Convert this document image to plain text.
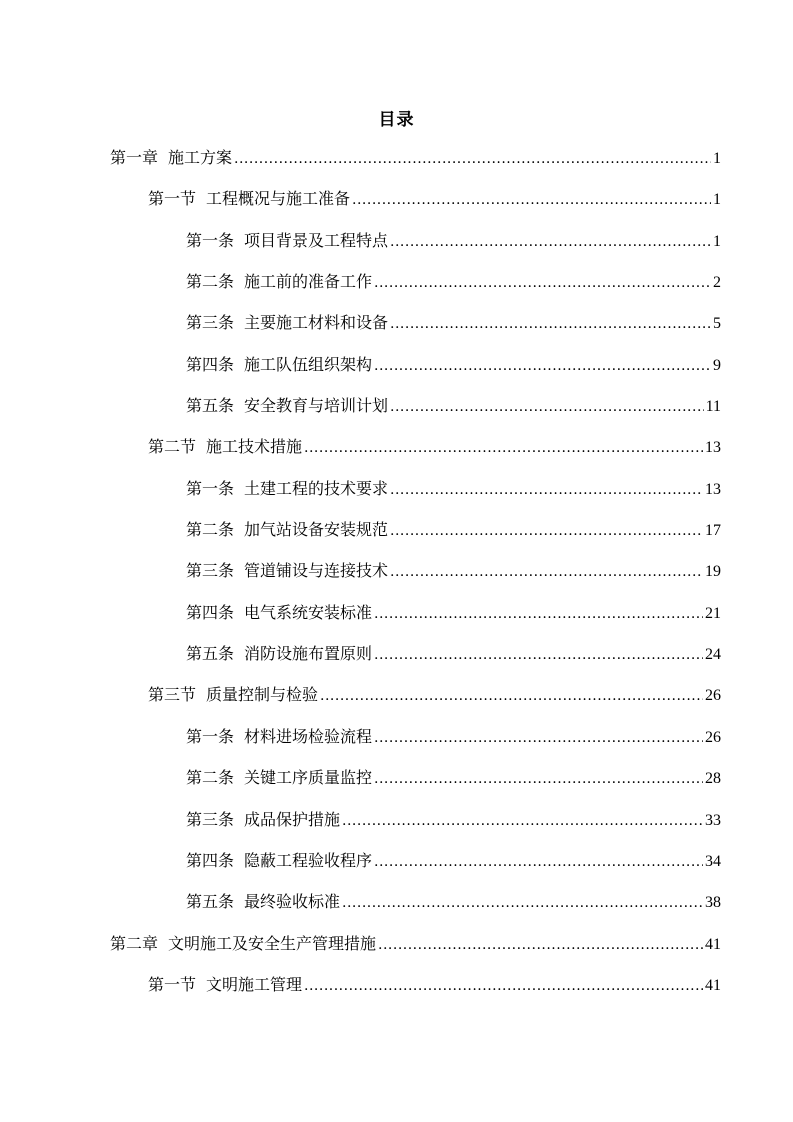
目录
第一章 施工方案 .....	1
第一节 工程概况与施工准备 .....	1
第一条 项目背景及工程特点 .....	1
第二条 施工前的准备工作 .....	2
第三条 主要施工材料和设备 .....	5
第四条 施工队伍组织架构 .....	9
第五条 安全教育与培训计划 .....	11
第二节 施工技术措施 .....	13
第一条 土建工程的技术要求 .....	13
第二条 加气站设备安装规范 .....	17
第三条 管道铺设与连接技术 .....	19
第四条 电气系统安装标准 .....	21
第五条 消防设施布置原则 .....	24
第三节 质量控制与检验 .....	26
第一条 材料进场检验流程 .....	26
第二条 关键工序质量监控 .....	28
第三条 成品保护措施 .....	33
第四条 隐蔽工程验收程序 .....	34
第五条 最终验收标准 .....	38
第二章 文明施工及安全生产管理措施 .....	41
第一节 文明施工管理 .....	41
